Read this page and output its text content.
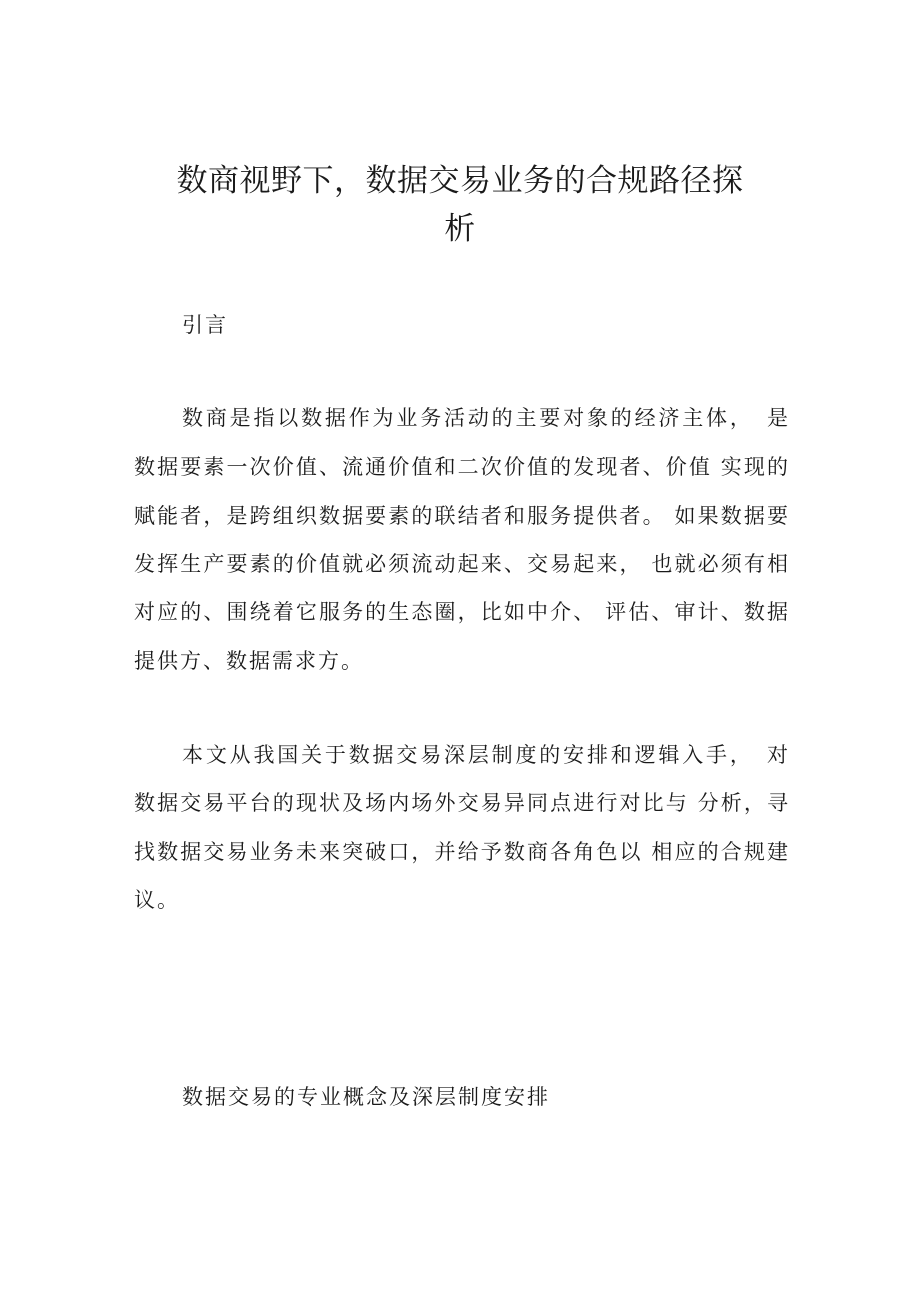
数商视野下，数据交易业务的合规路径探
析
引言

数商是指以数据作为业务活动的主要对象的经济主体，　是

数据要素一次价值、流通价值和二次价值的发现者、价值 实现的

赋能者，是跨组织数据要素的联结者和服务提供者。 如果数据要

发挥生产要素的价值就必须流动起来、交易起来， 也就必须有相

对应的、围绕着它服务的生态圈，比如中介、 评估、审计、数据

提供方、数据需求方。

本文从我国关于数据交易深层制度的安排和逻辑入手，　对

数据交易平台的现状及场内场外交易异同点进行对比与 分析，寻

找数据交易业务未来突破口，并给予数商各角色以 相应的合规建

议。

数据交易的专业概念及深层制度安排
